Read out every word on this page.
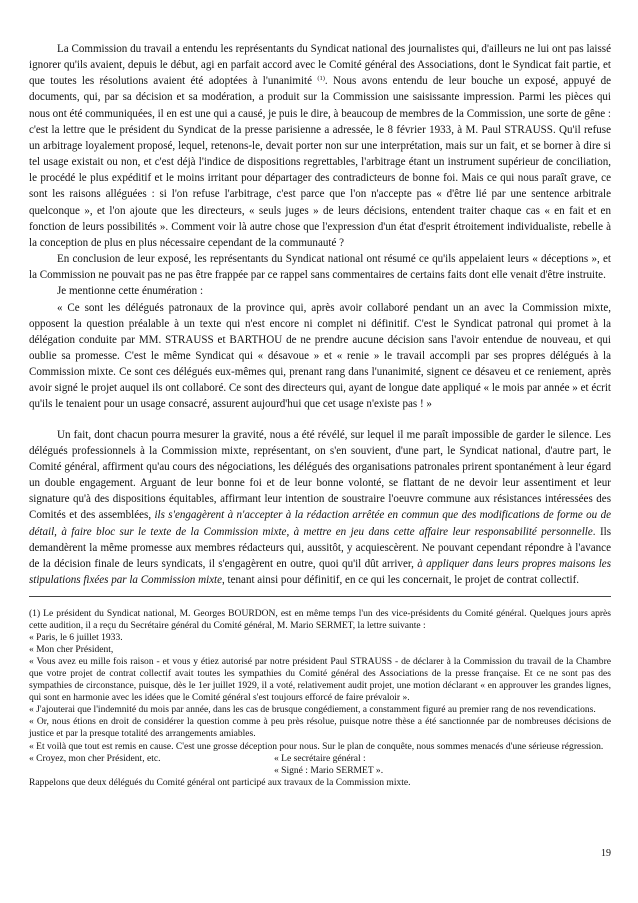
La Commission du travail a entendu les représentants du Syndicat national des journalistes qui, d'ailleurs ne lui ont pas laissé ignorer qu'ils avaient, depuis le début, agi en parfait accord avec le Comité général des Associations, dont le Syndicat fait partie, et que toutes les résolutions avaient été adoptées à l'unanimité $^{(1)}$. Nous avons entendu de leur bouche un exposé, appuyé de documents, qui, par sa décision et sa modération, a produit sur la Commission une saisissante impression. Parmi les pièces qui nous ont été communiquées, il en est une qui a causé, je puis le dire, à beaucoup de membres de la Commission, une sorte de gêne : c'est la lettre que le président du Syndicat de la presse parisienne a adressée, le 8 février 1933, à M. Paul STRAUSS. Qu'il refuse un arbitrage loyalement proposé, lequel, retenons-le, devait porter non sur une interprétation, mais sur un fait, et se borner à dire si tel usage existait ou non, et c'est déjà l'indice de dispositions regrettables, l'arbitrage étant un instrument supérieur de conciliation, le procédé le plus expéditif et le moins irritant pour départager des contradicteurs de bonne foi. Mais ce qui nous paraît grave, ce sont les raisons alléguées : si l'on refuse l'arbitrage, c'est parce que l'on n'accepte pas « d'être lié par une sentence arbitrale quelconque », et l'on ajoute que les directeurs, « seuls juges » de leurs décisions, entendent traiter chaque cas « en fait et en fonction de leurs possibilités ». Comment voir là autre chose que l'expression d'un état d'esprit étroitement individualiste, rebelle à la conception de plus en plus nécessaire cependant de la communauté ?

En conclusion de leur exposé, les représentants du Syndicat national ont résumé ce qu'ils appelaient leurs « déceptions », et la Commission ne pouvait pas ne pas être frappée par ce rappel sans commentaires de certains faits dont elle venait d'être instruite.

Je mentionne cette énumération :

« Ce sont les délégués patronaux de la province qui, après avoir collaboré pendant un an avec la Commission mixte, opposent la question préalable à un texte qui n'est encore ni complet ni définitif. C'est le Syndicat patronal qui promet à la délégation conduite par MM. STRAUSS et BARTHOU de ne prendre aucune décision sans l'avoir entendue de nouveau, et qui oublie sa promesse. C'est le même Syndicat qui « désavoue » et « renie » le travail accompli par ses propres délégués à la Commission mixte. Ce sont ces délégués eux-mêmes qui, prenant rang dans l'unanimité, signent ce désaveu et ce reniement, après avoir signé le projet auquel ils ont collaboré. Ce sont des directeurs qui, ayant de longue date appliqué « le mois par année » et écrit qu'ils le tenaient pour un usage consacré, assurent aujourd'hui que cet usage n'existe pas ! »

Un fait, dont chacun pourra mesurer la gravité, nous a été révélé, sur lequel il me paraît impossible de garder le silence. Les délégués professionnels à la Commission mixte, représentant, on s'en souvient, d'une part, le Syndicat national, d'autre part, le Comité général, affirment qu'au cours des négociations, les délégués des organisations patronales prirent spontanément à leur égard un double engagement. Arguant de leur bonne foi et de leur bonne volonté, se flattant de ne devoir leur assentiment et leur signature qu'à des dispositions équitables, affirmant leur intention de soustraire l'oeuvre commune aux résistances intéressées des Comités et des assemblées, ils s'engagèrent à n'accepter à la rédaction arrêtée en commun que des modifications de forme ou de détail, à faire bloc sur le texte de la Commission mixte, à mettre en jeu dans cette affaire leur responsabilité personnelle. Ils demandèrent la même promesse aux membres rédacteurs qui, aussitôt, y acquiescèrent. Ne pouvant cependant répondre à l'avance de la décision finale de leurs syndicats, il s'engagèrent en outre, quoi qu'il dût arriver, à appliquer dans leurs propres maisons les stipulations fixées par la Commission mixte, tenant ainsi pour définitif, en ce qui les concernait, le projet de contrat collectif.

(1) Le président du Syndicat national, M. Georges BOURDON, est en même temps l'un des vice-présidents du Comité général. Quelques jours après cette audition, il a reçu du Secrétaire général du Comité général, M. Mario SERMET, la lettre suivante :

« Paris, le 6 juillet 1933.

« Mon cher Président,

« Vous avez eu mille fois raison - et vous y étiez autorisé par notre président Paul STRAUSS - de déclarer à la Commission du travail de la Chambre que votre projet de contrat collectif avait toutes les sympathies du Comité général des Associations de la presse française. Et ce ne sont pas des sympathies de circonstance, puisque, dès le 1er juillet 1929, il a voté, relativement audit projet, une motion déclarant « en approuver les grandes lignes, qui sont en harmonie avec les idées que le Comité général s'est toujours efforcé de faire prévaloir ».

« J'ajouterai que l'indemnité du mois par année, dans les cas de brusque congédiement, a constamment figuré au premier rang de nos revendications.

« Or, nous étions en droit de considérer la question comme à peu près résolue, puisque notre thèse a été sanctionnée par de nombreuses décisions de justice et par la presque totalité des arrangements amiables.

« Et voilà que tout est remis en cause. C'est une grosse déception pour nous. Sur le plan de conquête, nous sommes menacés d'une sérieuse régression.

« Croyez, mon cher Président, etc.	« Le secrétaire général :

« Signé : Mario SERMET ».

Rappelons que deux délégués du Comité général ont participé aux travaux de la Commission mixte.

19
